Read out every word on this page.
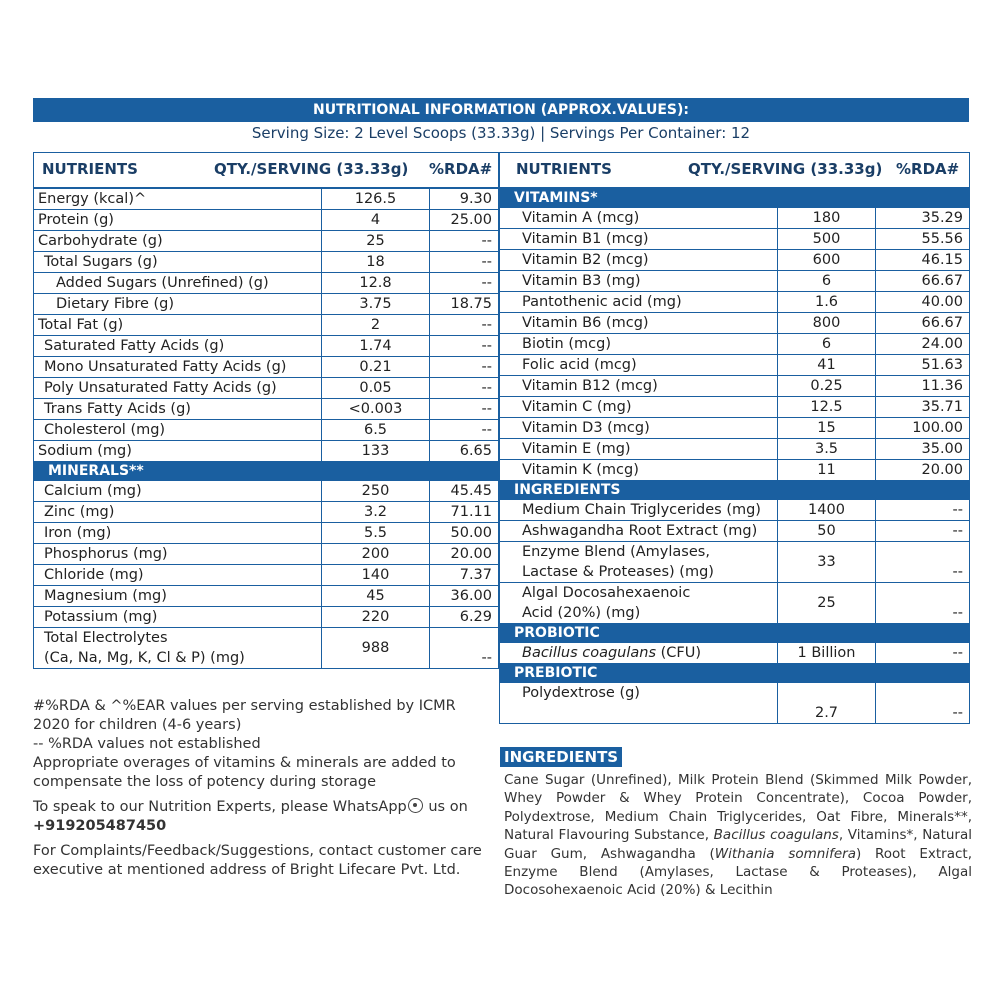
NUTRITIONAL INFORMATION (APPROX.VALUES):
Serving Size: 2 Level Scoops (33.33g) | Servings Per Container: 12
NUTRIENTS QTY./SERVING (33.33g) %RDA#		

Energy (kcal)^	126.5	9.30
Protein (g)	4	25.00
Carbohydrate (g)	25	--
Total Sugars (g)	18	--
Added Sugars (Unrefined) (g)	12.8	--
Dietary Fibre (g)	3.75	18.75
Total Fat (g)	2	--
Saturated Fatty Acids (g)	1.74	--
Mono Unsaturated Fatty Acids (g)	0.21	--
Poly Unsaturated Fatty Acids (g)	0.05	--
Trans Fatty Acids (g)	<0.003	--
Cholesterol (mg)	6.5	--
Sodium (mg)	133	6.65
MINERALS**		
Calcium (mg)	250	45.45
Zinc (mg)	3.2	71.11
Iron (mg)	5.5	50.00
Phosphorus (mg)	200	20.00
Chloride (mg)	140	7.37
Magnesium (mg)	45	36.00
Potassium (mg)	220	6.29

Total Electrolytes
(Ca, Na, Mg, K, Cl & P) (mg)	988	--
NUTRIENTS QTY./SERVING (33.33g) %RDA#		

VITAMINS*		
Vitamin A (mcg)	180	35.29
Vitamin B1 (mcg)	500	55.56
Vitamin B2 (mcg)	600	46.15
Vitamin B3 (mg)	6	66.67
Pantothenic acid (mg)	1.6	40.00
Vitamin B6 (mcg)	800	66.67
Biotin (mcg)	6	24.00
Folic acid (mcg)	41	51.63
Vitamin B12 (mcg)	0.25	11.36
Vitamin C (mg)	12.5	35.71
Vitamin D3 (mcg)	15	100.00
Vitamin E (mg)	3.5	35.00
Vitamin K (mcg)	11	20.00
INGREDIENTS		
Medium Chain Triglycerides (mg)	1400	--
Ashwagandha Root Extract (mg)	50	--

Enzyme Blend (Amylases,
Lactase & Proteases) (mg)	33	--

Algal Docosahexaenoic
Acid (20%) (mg)	25	--
PROBIOTIC		
Bacillus coagulans (CFU)	1 Billion	--
PREBIOTIC		
Polydextrose (g)	2.7	--

#%RDA & ^%EAR values per serving established by ICMR 2020 for children (4-6 years)

-- %RDA values not established

Appropriate overages of vitamins & minerals are added to compensate the loss of potency during storage

To speak to our Nutrition Experts, please WhatsApp us on +919205487450

For Complaints/Feedback/Suggestions, contact customer care executive at mentioned address of Bright Lifecare Pvt. Ltd.

INGREDIENTS
Cane Sugar (Unrefined), Milk Protein Blend (Skimmed Milk Powder, Whey Powder & Whey Protein Concentrate), Cocoa Powder, Polydextrose, Medium Chain Triglycerides, Oat Fibre, Minerals**, Natural Flavouring Substance, Bacillus coagulans, Vitamins*, Natural Guar Gum, Ashwagandha (Withania somnifera) Root Extract, Enzyme Blend (Amylases, Lactase & Proteases), Algal Docosohexaenoic Acid (20%) & Lecithin
